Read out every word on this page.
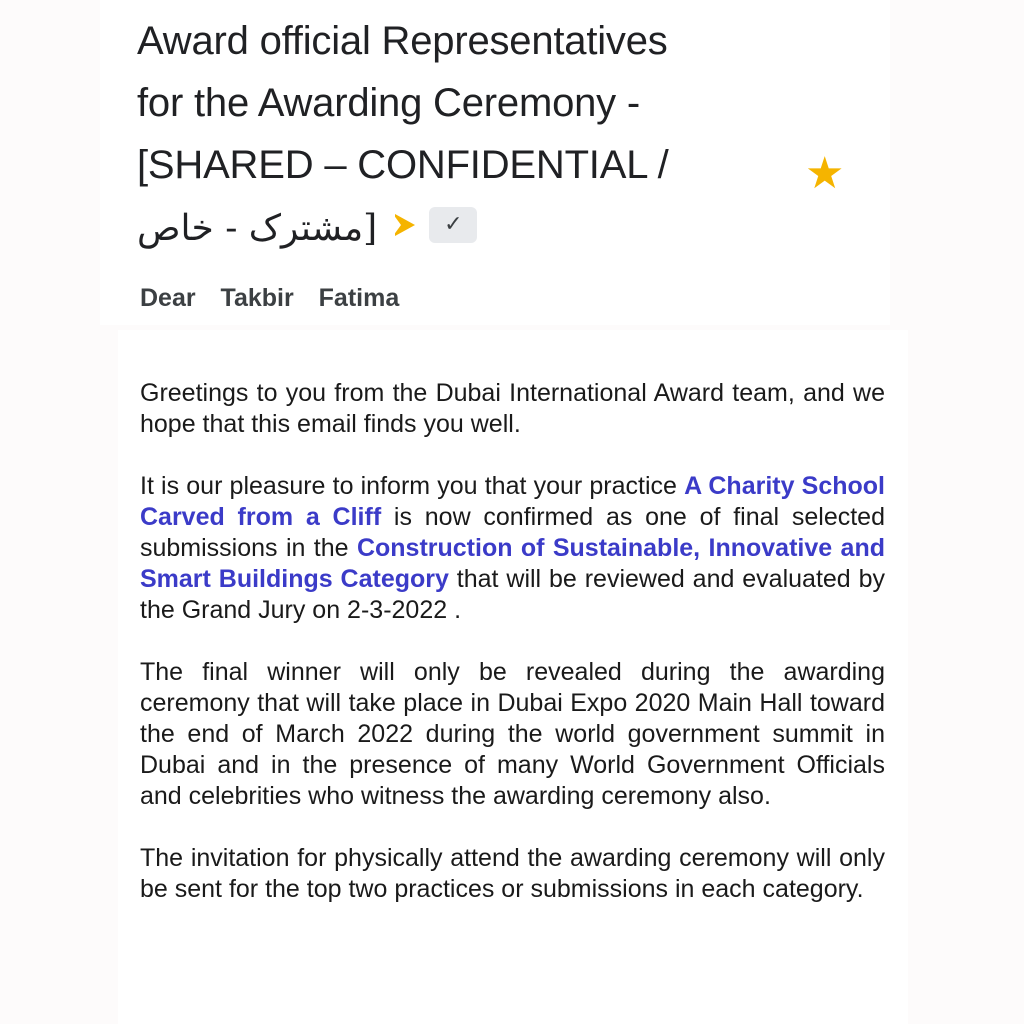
Award official Representatives
for the Awarding Ceremony -
[SHARED – CONFIDENTIAL /
مشترک - خاص]	✓
★
Dear Takbir Fatima

Greetings to you from the Dubai International Award team, and we hope that this email finds you well.

It is our pleasure to inform you that your practice A Charity School Carved from a Cliff is now confirmed as one of final selected submissions in the Construction of Sustainable, Innovative and Smart Buildings Category that will be reviewed and evaluated by the Grand Jury on 2-3-2022 .

The final winner will only be revealed during the awarding ceremony that will take place in Dubai Expo 2020 Main Hall toward the end of March 2022 during the world government summit in Dubai and in the presence of many World Government Officials and celebrities who witness the awarding ceremony also.

The invitation for physically attend the awarding ceremony will only be sent for the top two practices or submissions in each category.
